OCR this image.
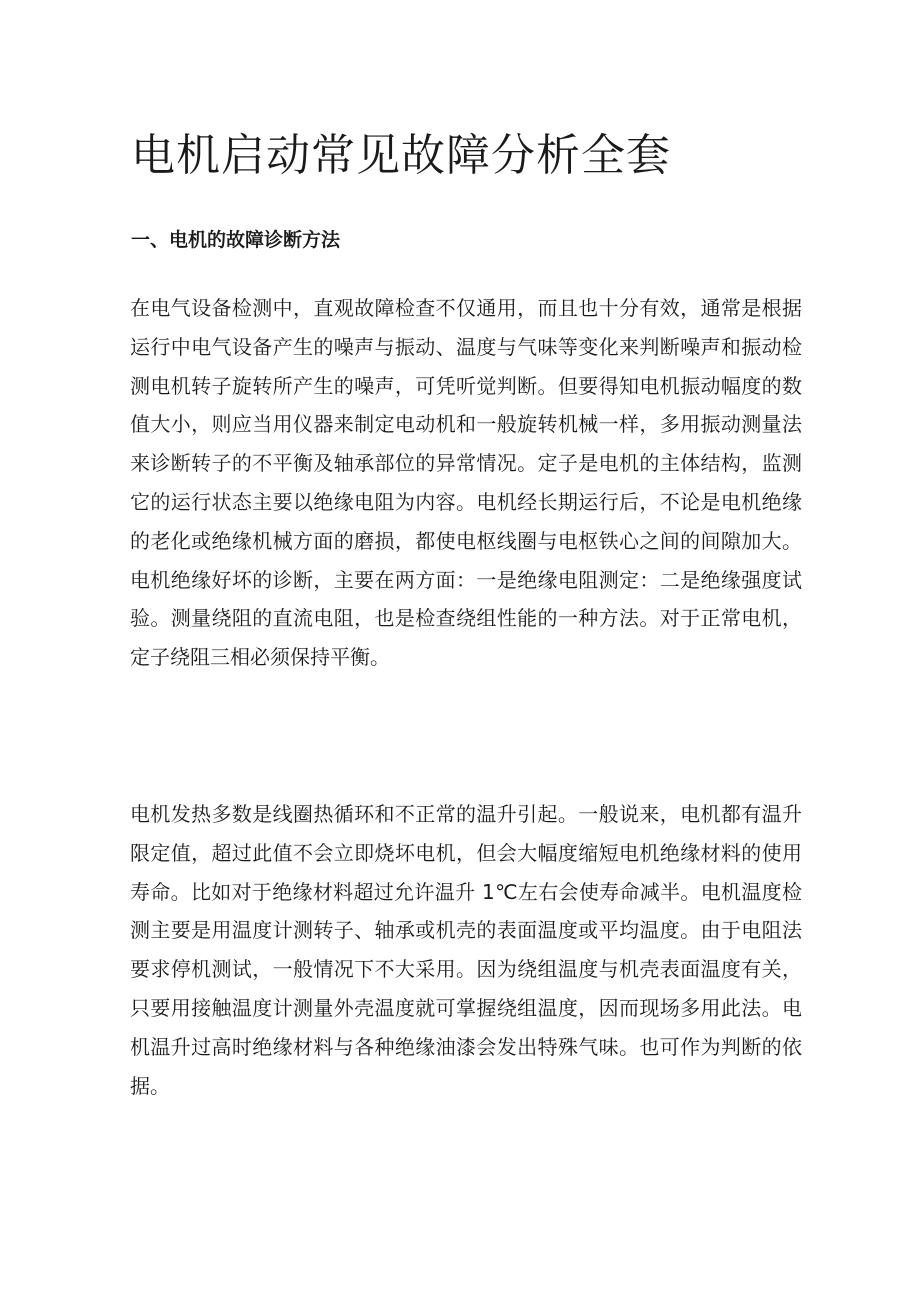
电机启动常见故障分析全套
一、电机的故障诊断方法

在电气设备检测中，直观故障检查不仅通用，而且也十分有效，通常是根据运行中电气设备产生的噪声与振动、温度与气味等变化来判断噪声和振动检测电机转子旋转所产生的噪声，可凭听觉判断。但要得知电机振动幅度的数值大小，则应当用仪器来制定电动机和一般旋转机械一样，多用振动测量法来诊断转子的不平衡及轴承部位的异常情况。定子是电机的主体结构，监测它的运行状态主要以绝缘电阻为内容。电机经长期运行后，不论是电机绝缘的老化或绝缘机械方面的磨损，都使电枢线圈与电枢铁心之间的间隙加大。电机绝缘好坏的诊断，主要在两方面：一是绝缘电阻测定：二是绝缘强度试验。测量绕阻的直流电阻，也是检查绕组性能的一种方法。对于正常电机，定子绕阻三相必须保持平衡。

电机发热多数是线圈热循环和不正常的温升引起。一般说来，电机都有温升限定值，超过此值不会立即烧坏电机，但会大幅度缩短电机绝缘材料的使用寿命。比如对于绝缘材料超过允许温升 1℃左右会使寿命减半。电机温度检测主要是用温度计测转子、轴承或机壳的表面温度或平均温度。由于电阻法要求停机测试，一般情况下不大采用。因为绕组温度与机壳表面温度有关，只要用接触温度计测量外壳温度就可掌握绕组温度，因而现场多用此法。电机温升过高时绝缘材料与各种绝缘油漆会发出特殊气味。也可作为判断的依据。
